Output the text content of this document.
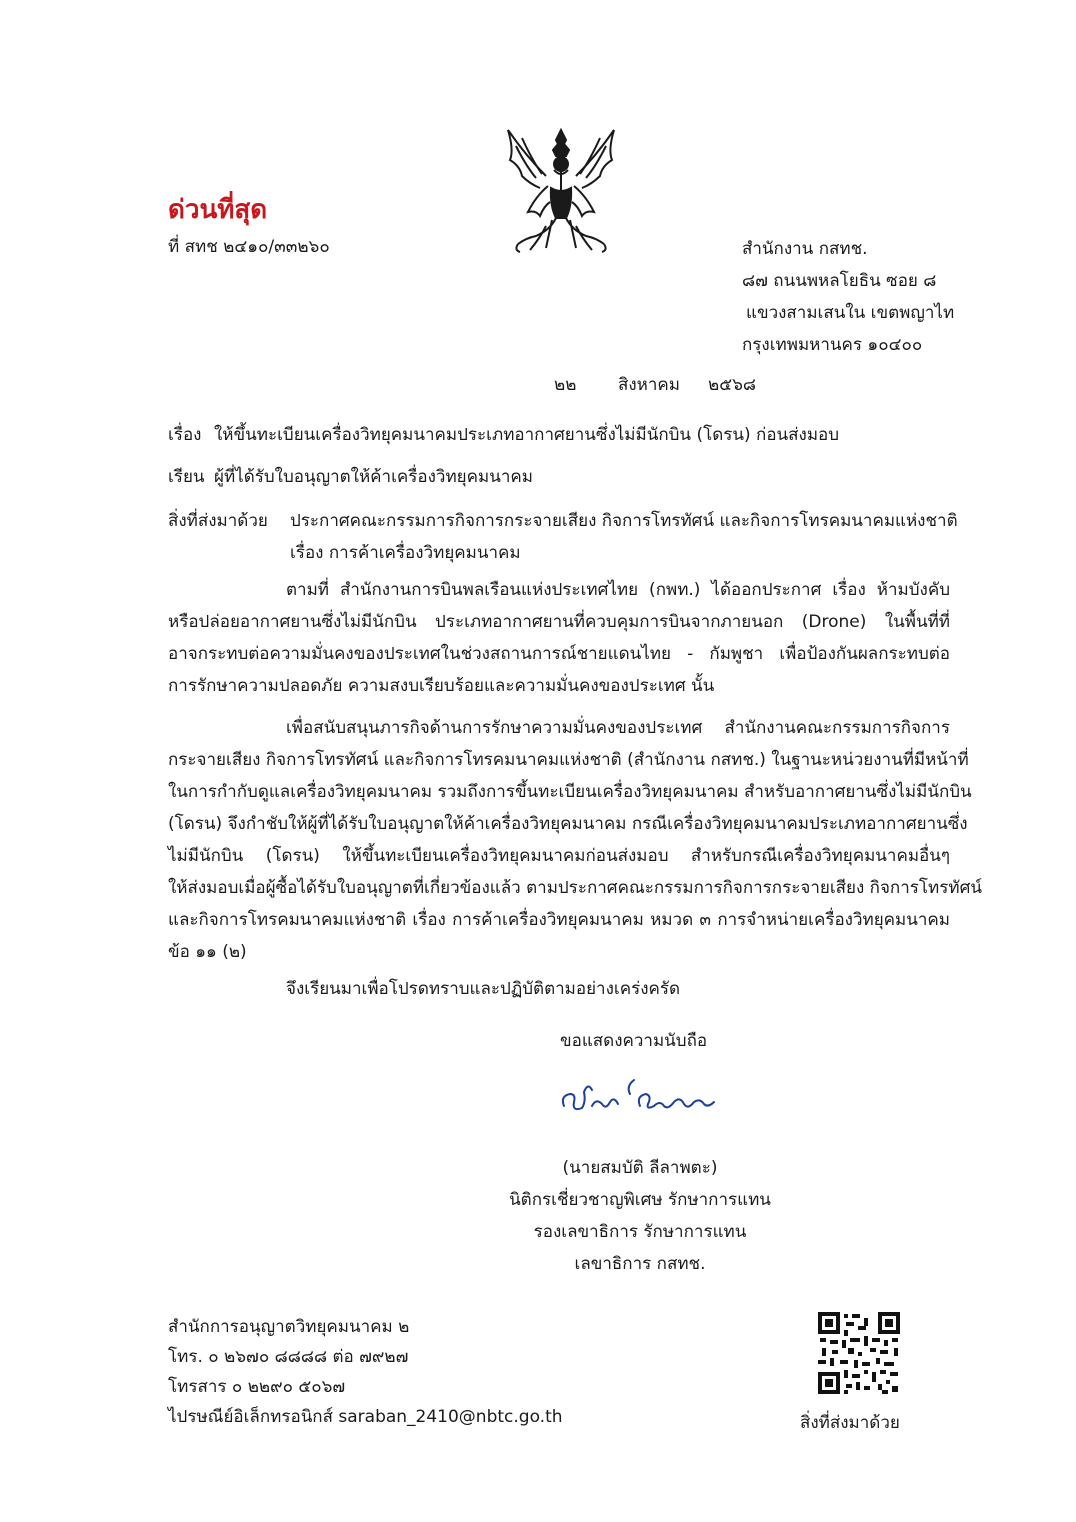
ด่วนที่สุด
ที่ สทช ๒๔๑๐/๓๓๒๖๐	สำนักงาน กสทช.
๘๗ ถนนพหลโยธิน ซอย ๘
แขวงสามเสนใน เขตพญาไท
กรุงเทพมหานคร ๑๐๔๐๐
๒๒ สิงหาคม ๒๕๖๘
เรื่อง ให้ขึ้นทะเบียนเครื่องวิทยุคมนาคมประเภทอากาศยานซึ่งไม่มีนักบิน (โดรน) ก่อนส่งมอบ
เรียน ผู้ที่ได้รับใบอนุญาตให้ค้าเครื่องวิทยุคมนาคม
สิ่งที่ส่งมาด้วย ประกาศคณะกรรมการกิจการกระจายเสียง กิจการโทรทัศน์ และกิจการโทรคมนาคมแห่งชาติ
เรื่อง การค้าเครื่องวิทยุคมนาคม
ตามที่ สำนักงานการบินพลเรือนแห่งประเทศไทย (กพท.) ได้ออกประกาศ เรื่อง ห้ามบังคับ
หรือปล่อยอากาศยานซึ่งไม่มีนักบิน ประเภทอากาศยานที่ควบคุมการบินจากภายนอก (Drone) ในพื้นที่ที่
อาจกระทบต่อความมั่นคงของประเทศในช่วงสถานการณ์ชายแดนไทย - กัมพูชา เพื่อป้องกันผลกระทบต่อ
การรักษาความปลอดภัย ความสงบเรียบร้อยและความมั่นคงของประเทศ นั้น
เพื่อสนับสนุนภารกิจด้านการรักษาความมั่นคงของประเทศ สำนักงานคณะกรรมการกิจการ
กระจายเสียง กิจการโทรทัศน์ และกิจการโทรคมนาคมแห่งชาติ (สำนักงาน กสทช.) ในฐานะหน่วยงานที่มีหน้าที่
ในการกำกับดูแลเครื่องวิทยุคมนาคม รวมถึงการขึ้นทะเบียนเครื่องวิทยุคมนาคม สำหรับอากาศยานซึ่งไม่มีนักบิน
(โดรน) จึงกำชับให้ผู้ที่ได้รับใบอนุญาตให้ค้าเครื่องวิทยุคมนาคม กรณีเครื่องวิทยุคมนาคมประเภทอากาศยานซึ่ง
ไม่มีนักบิน (โดรน) ให้ขึ้นทะเบียนเครื่องวิทยุคมนาคมก่อนส่งมอบ สำหรับกรณีเครื่องวิทยุคมนาคมอื่นๆ
ให้ส่งมอบเมื่อผู้ซื้อได้รับใบอนุญาตที่เกี่ยวข้องแล้ว ตามประกาศคณะกรรมการกิจการกระจายเสียง กิจการโทรทัศน์
และกิจการโทรคมนาคมแห่งชาติ เรื่อง การค้าเครื่องวิทยุคมนาคม หมวด ๓ การจำหน่ายเครื่องวิทยุคมนาคม
ข้อ ๑๑ (๒)
จึงเรียนมาเพื่อโปรดทราบและปฏิบัติตามอย่างเคร่งครัด
ขอแสดงความนับถือ
(นายสมบัติ ลีลาพตะ)
นิติกรเชี่ยวชาญพิเศษ รักษาการแทน
รองเลขาธิการ รักษาการแทน
เลขาธิการ กสทช.
สำนักการอนุญาตวิทยุคมนาคม ๒
โทร. ๐ ๒๖๗๐ ๘๘๘๘ ต่อ ๗๙๒๗
โทรสาร ๐ ๒๒๙๐ ๕๐๖๗
ไปรษณีย์อิเล็กทรอนิกส์ saraban_2410@nbtc.go.th	สิ่งที่ส่งมาด้วย
